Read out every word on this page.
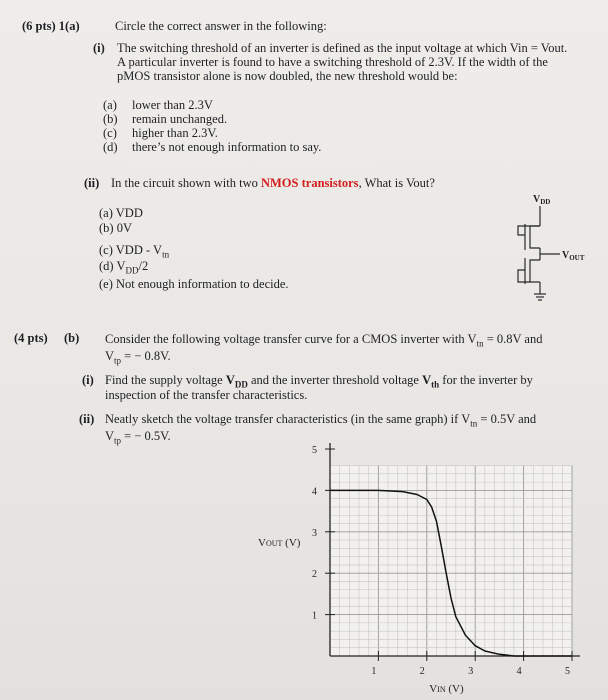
(6 pts) 1(a)	Circle the correct answer in the following:
(i) The switching threshold of an inverter is defined as the input voltage at which Vin = Vout.
A particular inverter is found to have a switching threshold of 2.3V. If the width of the
pMOS transistor alone is now doubled, the new threshold would be:
(a) lower than 2.3V
(b) remain unchanged.
(c) higher than 2.3V.
(d) there’s not enough information to say.
(ii) In the circuit shown with two NMOS transistors, What is Vout?
(a) VDD
(b) 0V
(c) VDD - $V_{tn}$
(d) $V_{DD}/2$
(e) Not enough information to decide.
$V_{DD}$
$V_{OUT}$
(4 pts) (b) Consider the following voltage transfer curve for a CMOS inverter with $V_{tn} = 0.8V$ and
$V_{tp}$ = − 0.8V.
(i) Find the supply voltage $V_{DD}$ and the inverter threshold voltage $V_{th}$ for the inverter by
inspection of the transfer characteristics.
(ii) Neatly sketch the voltage transfer characteristics (in the same graph) if $V_{tn} = 0.5V$ and
$V_{tp}$ = − 0.5V.
1	2	3	4	5
1
2
3
4
5
VOUT (V)
VIN (V)
